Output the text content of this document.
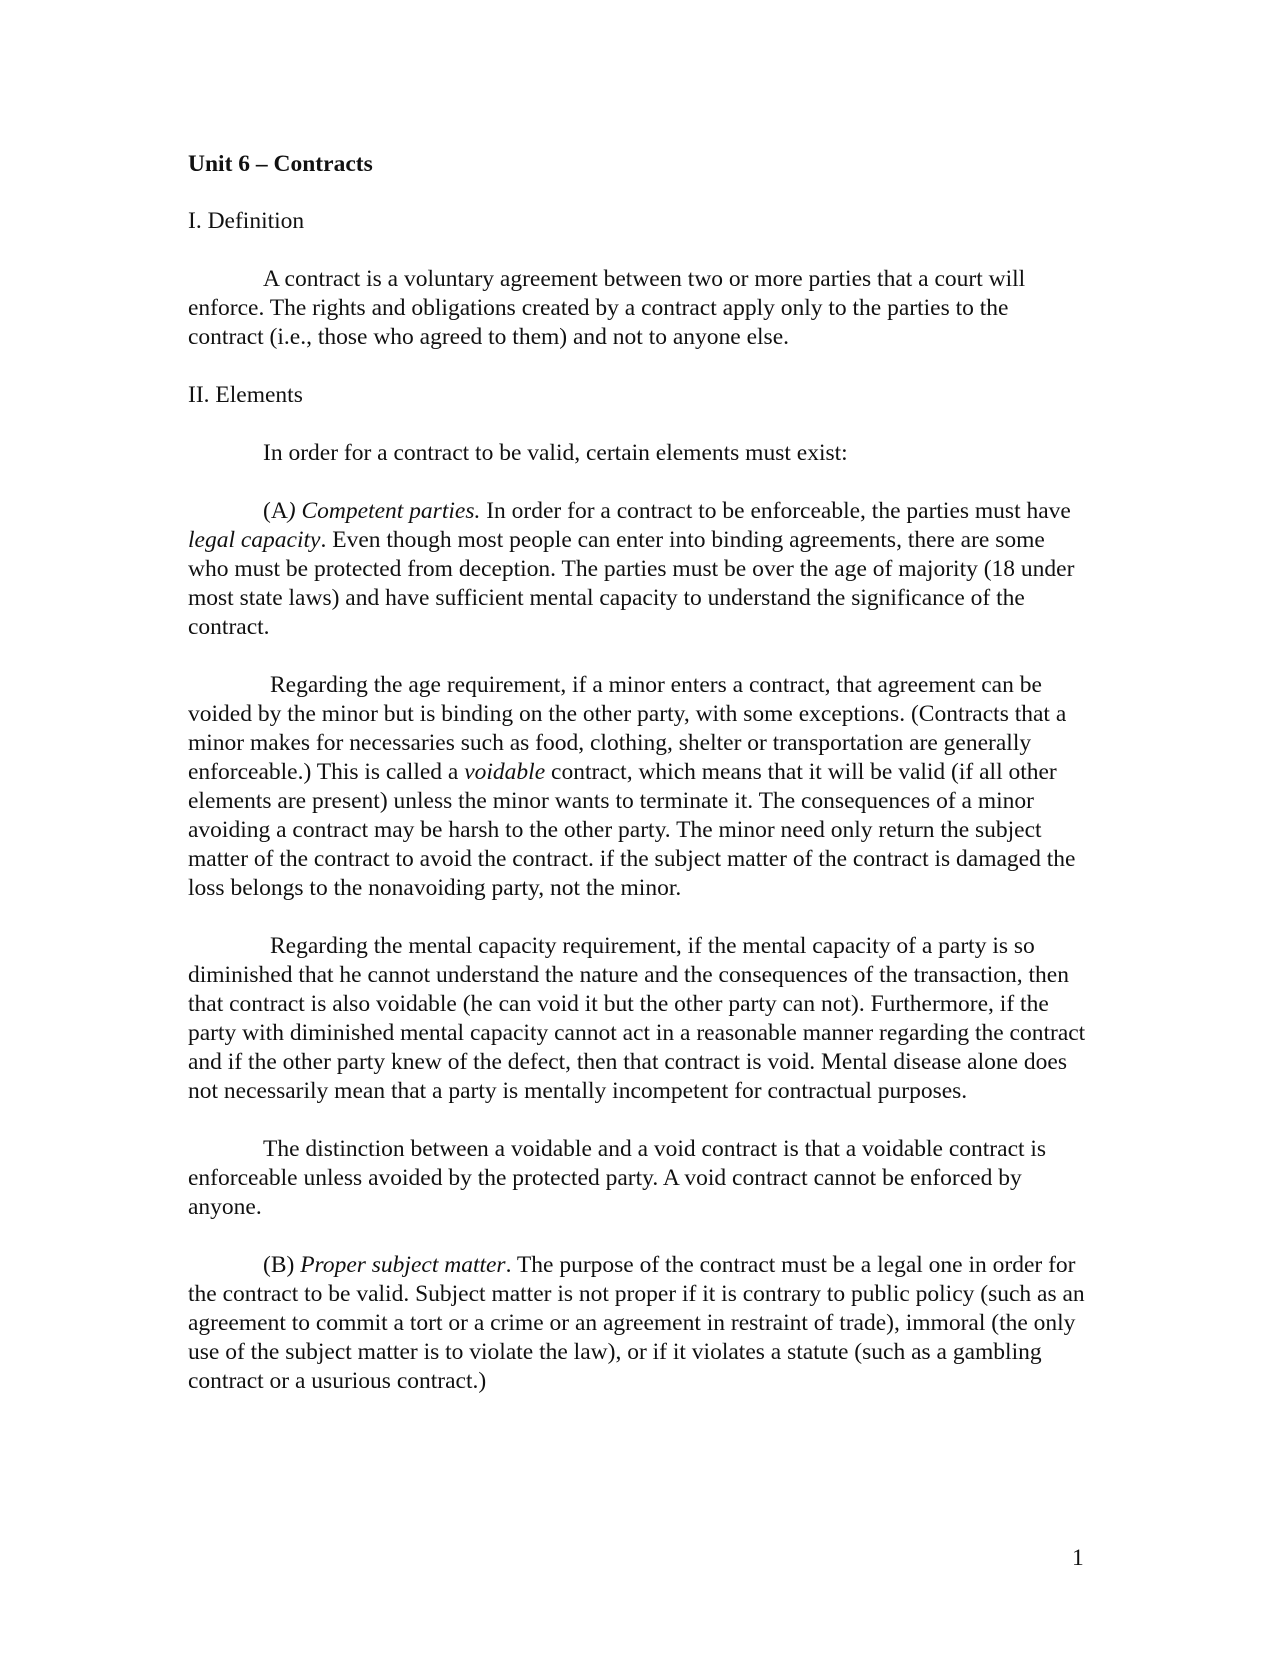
Unit 6 – Contracts
I. Definition

A contract is a voluntary agreement between two or more parties that a court will enforce. The rights and obligations created by a contract apply only to the parties to the contract (i.e., those who agreed to them) and not to anyone else.

II. Elements

In order for a contract to be valid, certain elements must exist:

(A) Competent parties. In order for a contract to be enforceable, the parties must have legal capacity. Even though most people can enter into binding agreements, there are some who must be protected from deception. The parties must be over the age of majority (18 under most state laws) and have sufficient mental capacity to understand the significance of the contract.

Regarding the age requirement, if a minor enters a contract, that agreement can be voided by the minor but is binding on the other party, with some exceptions. (Contracts that a minor makes for necessaries such as food, clothing, shelter or transportation are generally enforceable.) This is called a voidable contract, which means that it will be valid (if all other elements are present) unless the minor wants to terminate it. The consequences of a minor avoiding a contract may be harsh to the other party. The minor need only return the subject matter of the contract to avoid the contract. if the subject matter of the contract is damaged the loss belongs to the nonavoiding party, not the minor.

Regarding the mental capacity requirement, if the mental capacity of a party is so diminished that he cannot understand the nature and the consequences of the transaction, then that contract is also voidable (he can void it but the other party can not). Furthermore, if the party with diminished mental capacity cannot act in a reasonable manner regarding the contract and if the other party knew of the defect, then that contract is void. Mental disease alone does not necessarily mean that a party is mentally incompetent for contractual purposes.

The distinction between a voidable and a void contract is that a voidable contract is enforceable unless avoided by the protected party. A void contract cannot be enforced by anyone.

(B) Proper subject matter. The purpose of the contract must be a legal one in order for the contract to be valid. Subject matter is not proper if it is contrary to public policy (such as an agreement to commit a tort or a crime or an agreement in restraint of trade), immoral (the only use of the subject matter is to violate the law), or if it violates a statute (such as a gambling contract or a usurious contract.)

1
